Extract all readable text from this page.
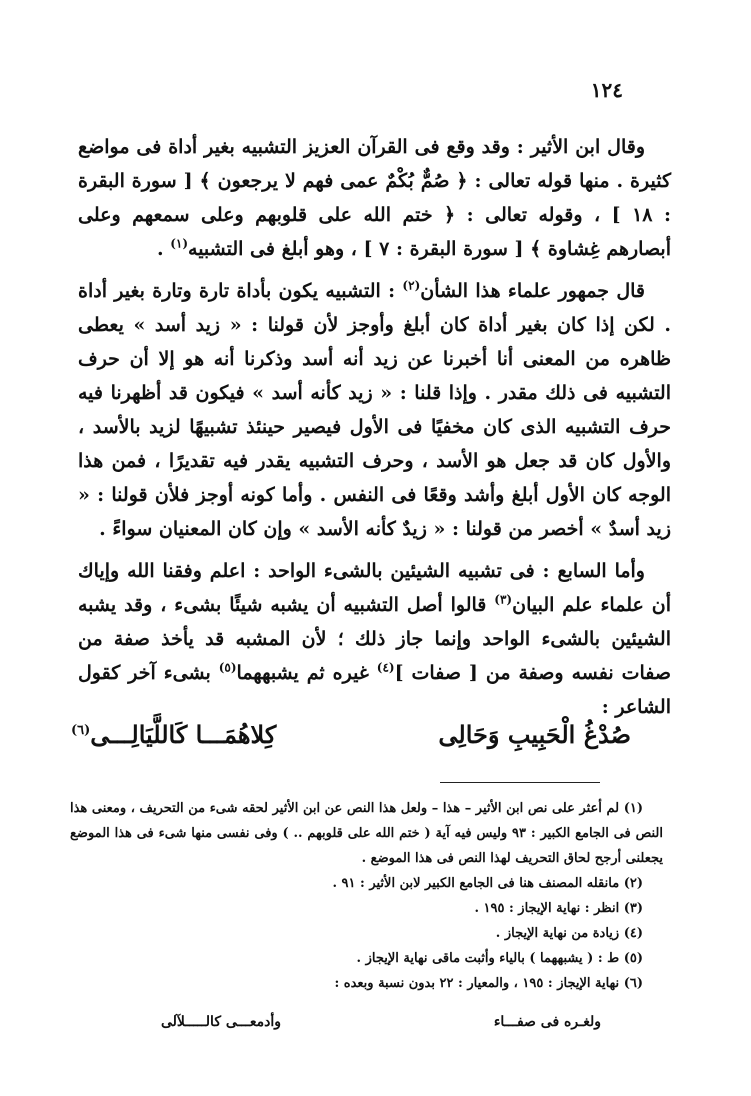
١٢٤

وقال ابن الأثير : وقد وقع فى القرآن العزيز التشبيه بغير أداة فى مواضع كثيرة . منها قوله تعالى : ﴿ صُمٌّ بُكْمٌ عمى فهم لا يرجعون ﴾ [ سورة البقرة : ١٨ ] ، وقوله تعالى : ﴿ ختم الله على قلوبهم وعلى سمعهم وعلى أبصارهم غِشاوة ﴾ [ سورة البقرة : ٧ ] ، وهو أبلغ فى التشبيه$^{(١)}$ .

قال جمهور علماء هذا الشأن$^{(٢)}$ : التشبيه يكون بأداة تارة وتارة بغير أداة . لكن إذا كان بغير أداة كان أبلغ وأوجز لأن قولنا : « زيد أسد » يعطى ظاهره من المعنى أنا أخبرنا عن زيد أنه أسد وذكرنا أنه هو إلا أن حرف التشبيه فى ذلك مقدر . وإذا قلنا : « زيد كأنه أسد » فيكون قد أظهرنا فيه حرف التشبيه الذى كان مخفيًا فى الأول فيصير حينئذ تشبيهًا لزيد بالأسد ، والأول كان قد جعل هو الأسد ، وحرف التشبيه يقدر فيه تقديرًا ، فمن هذا الوجه كان الأول أبلغ وأشد وقعًا فى النفس . وأما كونه أوجز فلأن قولنا : « زيد أسدٌ » أخصر من قولنا : « زيدٌ كأنه الأسد » وإن كان المعنيان سواءً .

وأما السابع : فى تشبيه الشيئين بالشىء الواحد : اعلم وفقنا الله وإياك أن علماء علم البيان$^{(٣)}$ قالوا أصل التشبيه أن يشبه شيئًا بشىء ، وقد يشبه الشيئين بالشىء الواحد وإنما جاز ذلك ؛ لأن المشبه قد يأخذ صفة من صفات نفسه وصفة من [ صفات ]$^{(٤)}$ غيره ثم يشبههما$^{(٥)}$ بشىء آخر كقول الشاعر :

صُدْغُ الْحَبِيبِ وَحَالِى
كِلاهُمَـــا كَاللَّيَالِـــى$^{(٦)}$

(١) لم أعثر على نص ابن الأثير – هذا – ولعل هذا النص عن ابن الأثير لحقه شىء من التحريف ، ومعنى هذا النص فى الجامع الكبير : ٩٣ وليس فيه آية ( ختم الله على قلوبهم .. ) وفى نفسى منها شىء فى هذا الموضع يجعلنى أرجح لحاق التحريف لهذا النص فى هذا الموضع .

(٢) مانقله المصنف هنا فى الجامع الكبير لابن الأثير : ٩١ .

(٣) انظر : نهاية الإيجاز : ١٩٥ .

(٤) زيادة من نهاية الإيجاز .

(٥) ط : ( يشبههما ) بالياء وأثبت ماقى نهاية الإيجاز .

(٦) نهاية الإيجاز : ١٩٥ ، والمعيار : ٢٢ بدون نسبة وبعده :

ولغـره فى صفـــاء
وأدمعـــى كالـــــلآلى
